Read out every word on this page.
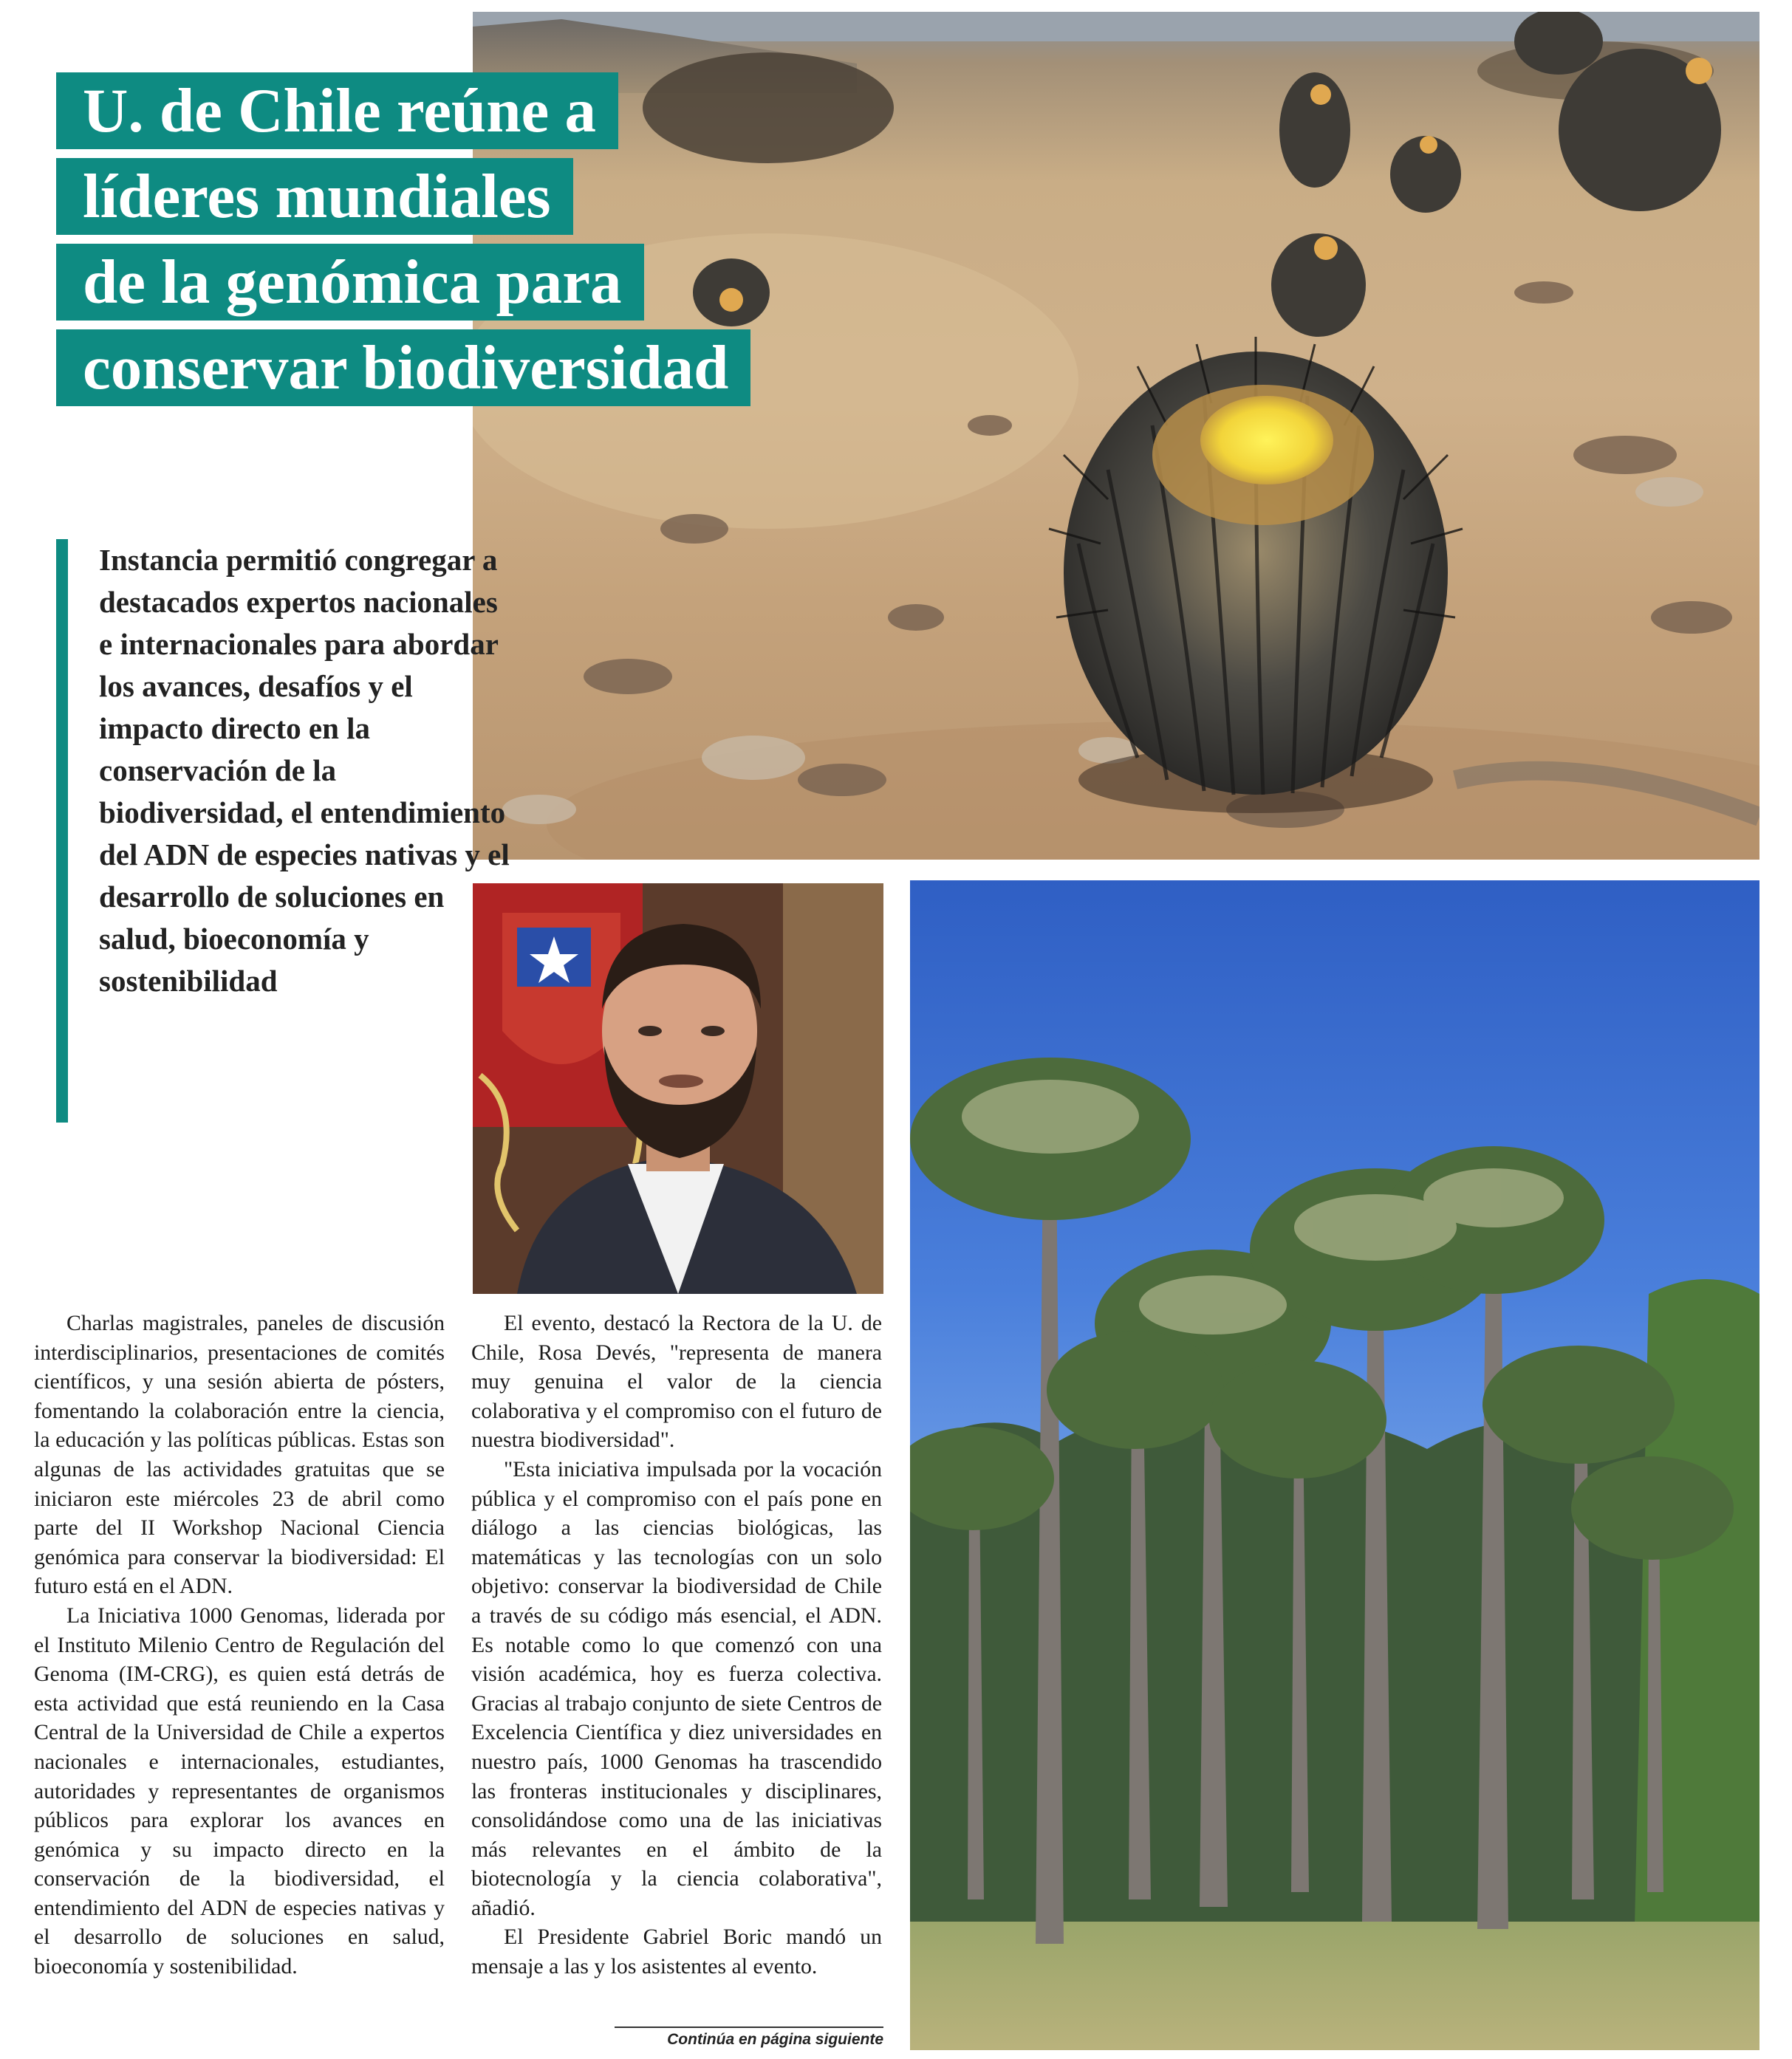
U. de Chile reúne a
líderes mundiales
de la genómica para
conservar biodiversidad

Instancia permitió congregar a destacados expertos nacionales e internacionales para abordar los avances, desafíos y el impacto directo en la conservación de la biodiversidad, el entendimiento del ADN de especies nativas y el desarrollo de soluciones en salud, bioeconomía y sostenibilidad

Charlas magistrales, paneles de discusión interdisciplinarios, presentaciones de comités científicos, y una sesión abierta de pósters, fomentando la colaboración entre la ciencia, la educación y las políticas públicas. Estas son algunas de las actividades gratuitas que se iniciaron este miércoles 23 de abril como parte del II Workshop Nacional Ciencia genómica para conservar la biodiversidad: El futuro está en el ADN.

La Iniciativa 1000 Genomas, liderada por el Instituto Milenio Centro de Regulación del Genoma (IM-CRG), es quien está detrás de esta actividad que está reuniendo en la Casa Central de la Universidad de Chile a expertos nacionales e internacionales, estudiantes, autoridades y representantes de organismos públicos para explorar los avances en genómica y su impacto directo en la conservación de la biodiversidad, el entendimiento del ADN de especies nativas y el desarrollo de soluciones en salud, bioeconomía y sostenibilidad.

El evento, destacó la Rectora de la U. de Chile, Rosa Devés, "representa de manera muy genuina el valor de la ciencia colaborativa y el compromiso con el futuro de nuestra biodiversidad".

"Esta iniciativa impulsada por la vocación pública y el compromiso con el país pone en diálogo a las ciencias biológicas, las matemáticas y las tecnologías con un solo objetivo: conservar la biodiversidad de Chile a través de su código más esencial, el ADN. Es notable como lo que comenzó con una visión académica, hoy es fuerza colectiva. Gracias al trabajo conjunto de siete Centros de Excelencia Científica y diez universidades en nuestro país, 1000 Genomas ha trascendido las fronteras institucionales y disciplinares, consolidándose como una de las iniciativas más relevantes en el ámbito de la biotecnología y la ciencia colaborativa", añadió.

El Presidente Gabriel Boric mandó un mensaje a las y los asistentes al evento.

Continúa en página siguiente
